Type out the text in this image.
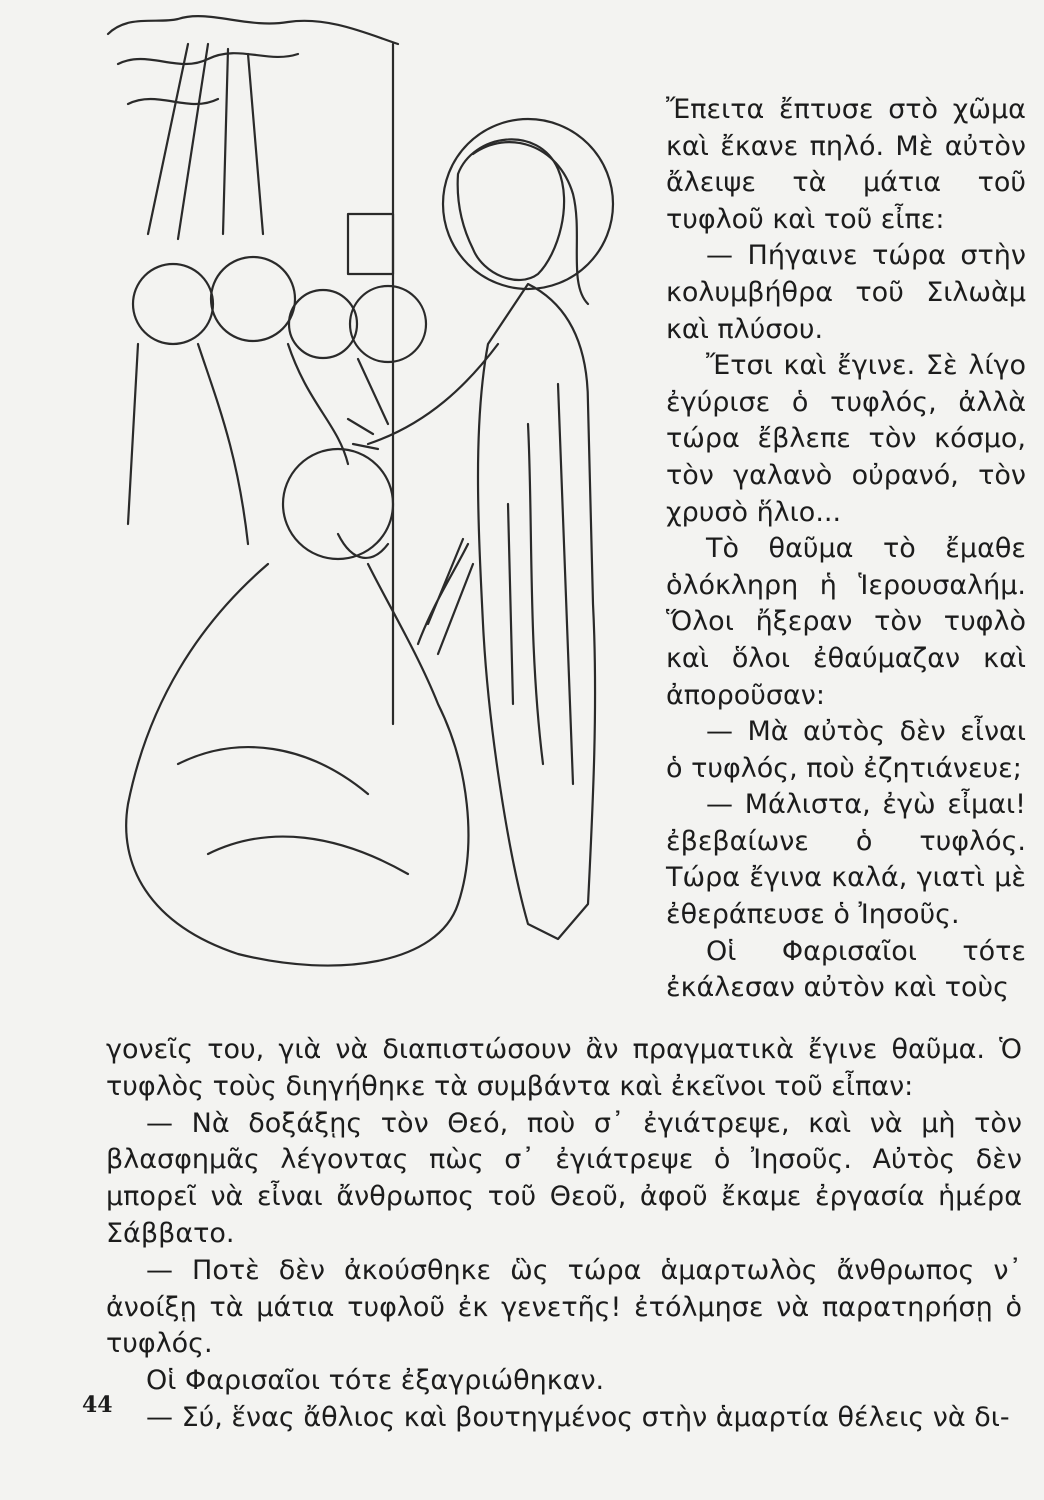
Ἔπειτα ἔπτυσε στὸ χῶμα καὶ ἔκανε πηλό. Μὲ αὐτὸν ἄλειψε τὰ μάτια τοῦ τυφλοῦ καὶ τοῦ εἶπε:

— Πήγαινε τώρα στὴν κολυμβήθρα τοῦ Σιλωὰμ καὶ πλύσου.

Ἔτσι καὶ ἔγινε. Σὲ λίγο ἐγύρισε ὁ τυφλός, ἀλλὰ τώρα ἔβλεπε τὸν κόσμο, τὸν γαλανὸ οὐρανό, τὸν χρυσὸ ἥλιο...

Τὸ θαῦμα τὸ ἔμαθε ὁλόκληρη ἡ Ἱερουσαλήμ. Ὅλοι ἤξεραν τὸν τυφλὸ καὶ ὅλοι ἐθαύμαζαν καὶ ἀποροῦσαν:

— Μὰ αὐτὸς δὲν εἶναι ὁ τυφλός, ποὺ ἐζητιάνευε;

— Μάλιστα, ἐγὼ εἶμαι! ἐβεβαίωνε ὁ τυφλός. Τώρα ἔγινα καλά, γιατὶ μὲ ἐθεράπευσε ὁ Ἰησοῦς.

Οἱ Φαρισαῖοι τότε ἐκάλεσαν αὐτὸν καὶ τοὺς

γονεῖς του, γιὰ νὰ διαπιστώσουν ἂν πραγματικὰ ἔγινε θαῦμα. Ὁ τυφλὸς τοὺς διηγήθηκε τὰ συμβάντα καὶ ἐκεῖνοι τοῦ εἶπαν:

— Νὰ δοξάξῃς τὸν Θεό, ποὺ σ᾿ ἐγιάτρεψε, καὶ νὰ μὴ τὸν βλασφημᾶς λέγοντας πὼς σ᾿ ἐγιάτρεψε ὁ Ἰησοῦς. Αὐτὸς δὲν μπορεῖ νὰ εἶναι ἄνθρωπος τοῦ Θεοῦ, ἀφοῦ ἔκαμε ἐργασία ἡμέρα Σάββατο.

— Ποτὲ δὲν ἀκούσθηκε ὣς τώρα ἁμαρτωλὸς ἄνθρωπος ν᾿ ἀνοίξῃ τὰ μάτια τυφλοῦ ἐκ γενετῆς! ἐτόλμησε νὰ παρατηρήσῃ ὁ τυφλός.

Οἱ Φαρισαῖοι τότε ἐξαγριώθηκαν.

— Σύ, ἕνας ἄθλιος καὶ βουτηγμένος στὴν ἁμαρτία θέλεις νὰ δι-

44
